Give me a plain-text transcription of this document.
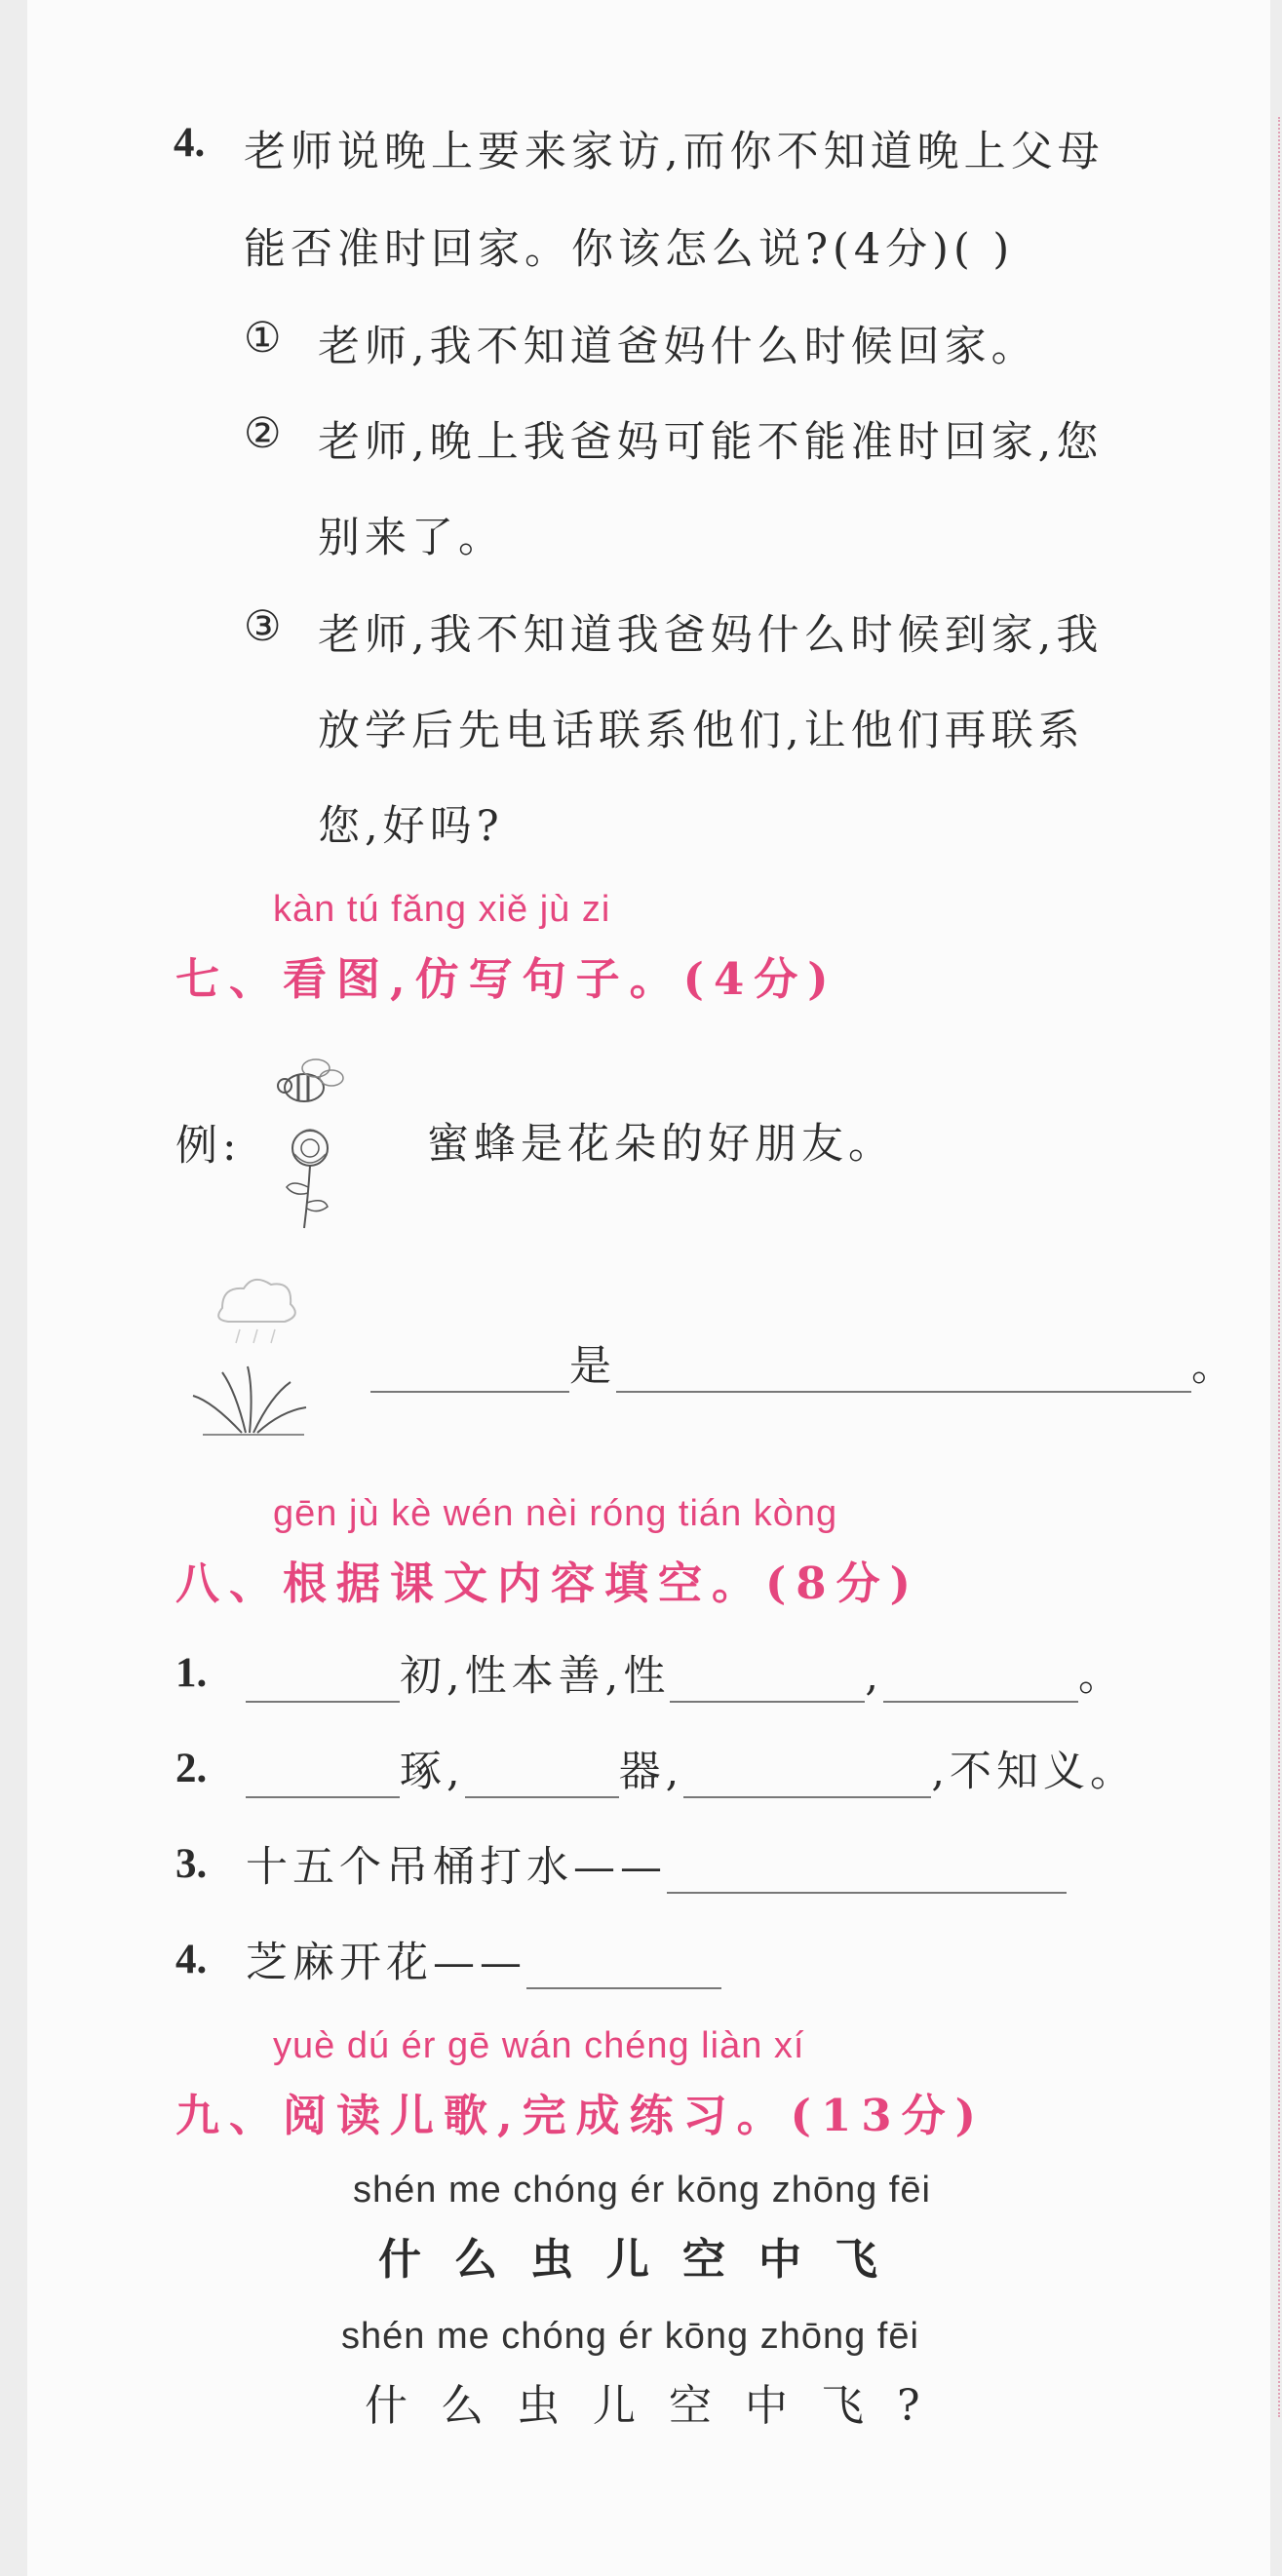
4. 老师说晚上要来家访,而你不知道晚上父母
能否准时回家。你该怎么说?(4分)( )
① 老师,我不知道爸妈什么时候回家。
② 老师,晚上我爸妈可能不能准时回家,您
别来了。
③ 老师,我不知道我爸妈什么时候到家,我
放学后先电话联系他们,让他们再联系
您,好吗?
kàn tú fǎng xiě jù zi
七、看图,仿写句子。(4分)
例:	蜜蜂是花朵的好朋友。
是	。
gēn jù kè wén nèi róng tián kòng
八、根据课文内容填空。(8分)
1.	初,性本善,性	,	。
2.	琢,	器,	,不知义。
3. 十五个吊桶打水——
4. 芝麻开花——
yuè dú ér gē wán chéng liàn xí
九、阅读儿歌,完成练习。(13分)
shén me chóng ér kōng zhōng fēi
什么虫儿空中飞
shén me chóng ér kōng zhōng fēi
什么虫儿空中飞?
